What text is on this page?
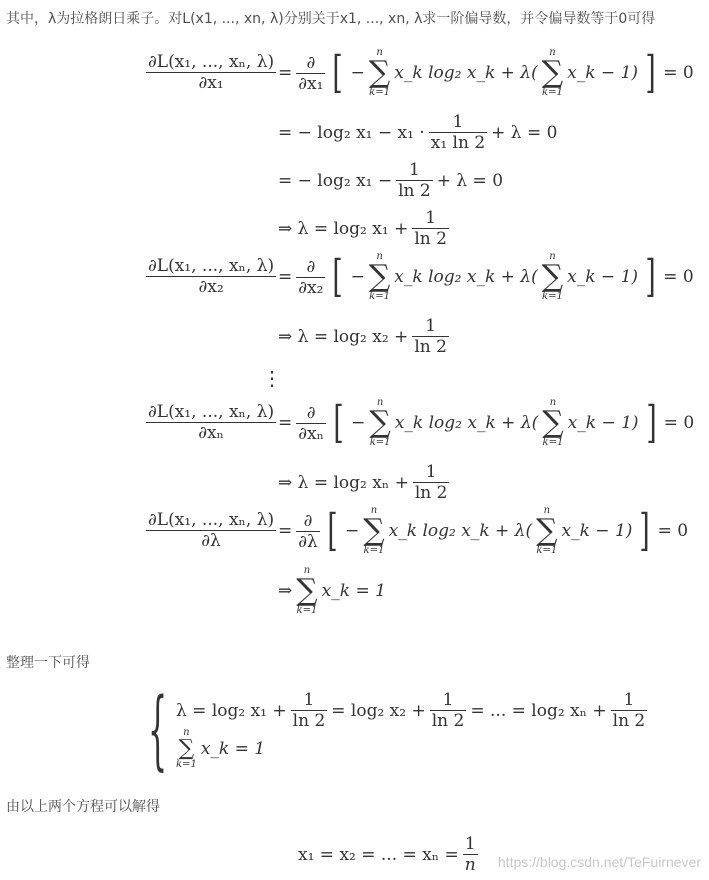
其中，λ为拉格朗日乘子。对L(x1, ..., xn, λ)分别关于x1, ..., xn, λ求一阶偏导数，并令偏导数等于0可得
$\frac{\text{∂L(x₁, ..., xₙ, λ)}}{\text{∂x₁}} = \frac{\partial}{\text{∂x₁}}$ [ −
n
∑
k=1
x_k log₂ x_k + λ(
n
∑
k=1
x_k − 1) ] = 0
= − log₂ $x_1 - x_1 \cdot \frac{1}{\text{x₁ ln 2}} + \lambda = 0$
= − log₂ $x_1 - \frac{1}{\ln 2} + \lambda = 0$
⇒ λ = log₂ $x_1 + \frac{1}{\ln 2}$
$\frac{\text{∂L(x₁, ..., xₙ, λ)}}{\text{∂x₂}} = \frac{\partial}{\text{∂x₂}}$ [ −
n
∑
k=1
x_k log₂ x_k + λ(
n
∑
k=1
x_k − 1) ] = 0
⇒ λ = log₂ $x_2 + \frac{1}{\ln 2}$
⋮
$\frac{\text{∂L(x₁, ..., xₙ, λ)}}{\text{∂xₙ}} = \frac{\partial}{\text{∂xₙ}}$ [ −
n
∑
k=1
x_k log₂ x_k + λ(
n
∑
k=1
x_k − 1) ] = 0
⇒ λ = log₂ $x_n + \frac{1}{\ln 2}$
$\frac{\text{∂L(x₁, ..., xₙ, λ)}}{\partial\lambda} = \frac{\partial}{\partial\lambda}$ [ −
n
∑
k=1
x_k log₂ x_k + λ(
n
∑
k=1
x_k − 1) ] = 0
⇒
n
∑
k=1
x_k = 1
整理一下可得
{ λ = log₂ $x_1 + \frac{1}{\ln 2} = \log_2$ $x_2 + \frac{1}{\ln 2}$ = ... = log₂ $x_n + \frac{1}{\ln 2}$
n
∑
k=1
x_k = 1
由以上两个方程可以解得
x₁ = x₂ = ... = $x_n = \frac{1}{n}$ https://blog.csdn.net/TeFuirnever
